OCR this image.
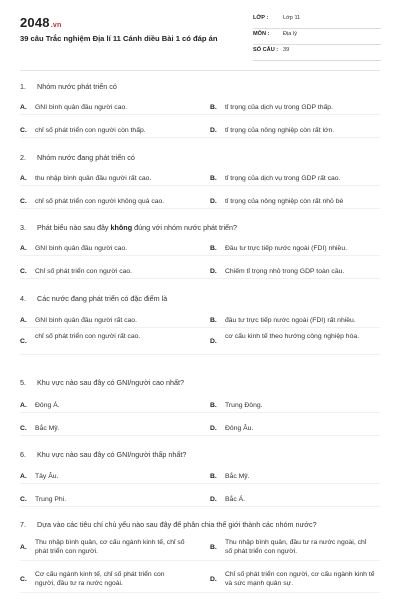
2048.vn
39 câu Trắc nghiệm Địa lí 11 Cánh diều Bài 1 có đáp án
LỚP :	Lớp 11
MÔN : Địa lý
SỐ CÂU : 39
1. Nhóm nước phát triển có
A. GNI bình quân đầu người cao.	B. tỉ trọng của dịch vụ trong GDP thấp.
C. chỉ số phát triển con người còn thấp.	D. tỉ trọng của nông nghiệp còn rất lớn.
2. Nhóm nước đang phát triển có
A. thu nhập bình quân đầu người rất cao.	B. tỉ trọng của dịch vụ trong GDP rất cao.
C. chỉ số phát triển con người không quá cao.	D. tỉ trọng của nông nghiệp còn rất nhỏ bé
3. Phát biểu nào sau đây không đúng với nhóm nước phát triển?
A. GNI bình quân đầu người cao.	B. Đầu tư trực tiếp nước ngoài (FDI) nhiều.
C. Chỉ số phát triển con người cao.	D. Chiếm tỉ trọng nhỏ trong GDP toàn cầu.
4. Các nước đang phát triển có đặc điểm là
A. GNI bình quân đầu người rất cao.	B. đầu tư trực tiếp nước ngoài (FDI) rất nhiều.
C.
chỉ số phát triển con người rất cao.
D.
cơ cấu kinh tế theo hướng công nghiệp hóa.
5. Khu vực nào sau đây có GNI/người cao nhất?
A. Đông Á.	B. Trung Đông.
C. Bắc Mỹ.	D. Đông Âu.
6. Khu vực nào sau đây có GNI/người thấp nhất?
A. Tây Âu.	B. Bắc Mỹ.
C. Trung Phi.	D. Bắc Á.
7. Dựa vào các tiêu chí chủ yếu nào sau đây để phân chia thế giới thành các nhóm nước?
A.
Thu nhập bình quân, cơ cấu ngành kinh tế, chỉ số phát triển con người.
B.
Thu nhập bình quân, đầu tư ra nước ngoài, chỉ số phát triển con người.
C.
Cơ cấu ngành kinh tế, chỉ số phát triển con người, đầu tư ra nước ngoài.
D.
Chỉ số phát triển con người, cơ cấu ngành kinh tế và sức mạnh quân sự.
